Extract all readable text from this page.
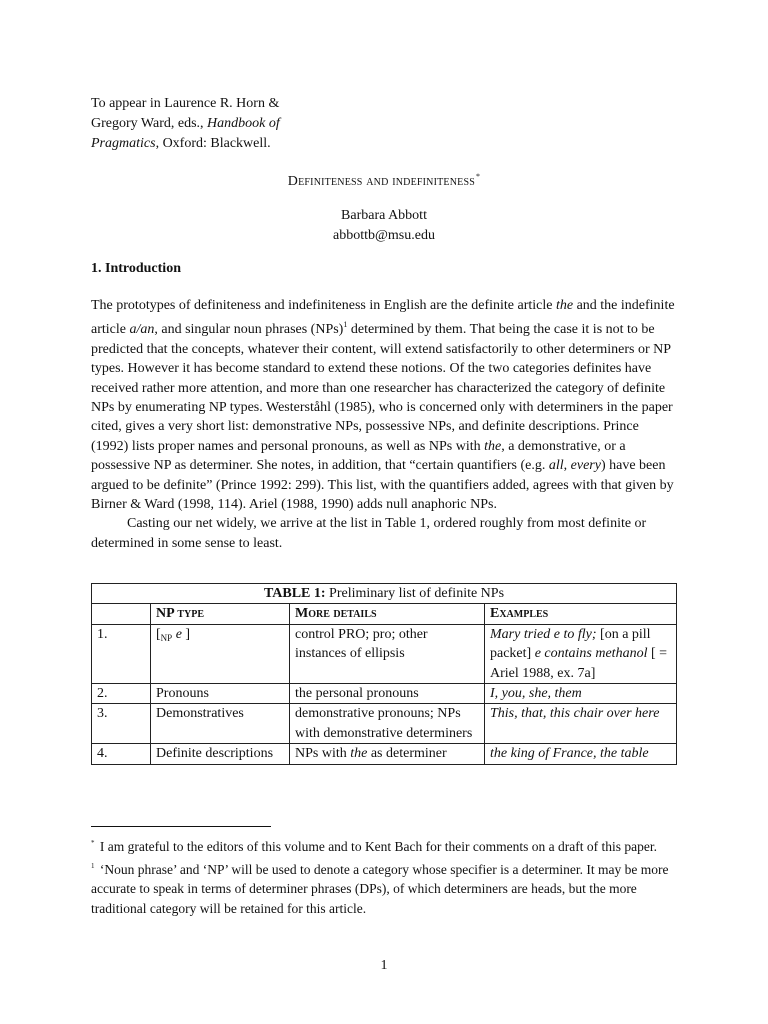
To appear in Laurence R. Horn &
Gregory Ward, eds., Handbook of
Pragmatics, Oxford: Blackwell.
Definiteness and indefiniteness*
Barbara Abbott
abbottb@msu.edu
1. Introduction

The prototypes of definiteness and indefiniteness in English are the definite article the and the indefinite article a/an, and singular noun phrases (NPs)$^1$ determined by them. That being the case it is not to be predicted that the concepts, whatever their content, will extend satisfactorily to other determiners or NP types. However it has become standard to extend these notions. Of the two categories definites have received rather more attention, and more than one researcher has characterized the category of definite NPs by enumerating NP types. Westerståhl (1985), who is concerned only with determiners in the paper cited, gives a very short list: demonstrative NPs, possessive NPs, and definite descriptions. Prince (1992) lists proper names and personal pronouns, as well as NPs with the, a demonstrative, or a possessive NP as determiner. She notes, in addition, that “certain quantifiers (e.g. all, every) have been argued to be definite” (Prince 1992: 299). This list, with the quantifiers added, agrees with that given by Birner & Ward (1998, 114). Ariel (1988, 1990) adds null anaphoric NPs.

Casting our net widely, we arrive at the list in Table 1, ordered roughly from most definite or determined in some sense to least.

TABLE 1: Preliminary list of definite NPs			
	NP type	More details	Examples
1.	[$_{NP}$ e ]	control PRO; pro; other instances of ellipsis	Mary tried e to fly; [on a pill packet] e contains methanol [ = Ariel 1988, ex. 7a]
2.	Pronouns	the personal pronouns	I, you, she, them
3.	Demonstratives	demonstrative pronouns; NPs with demonstrative determiners	This, that, this chair over here
4.	Definite descriptions	NPs with the as determiner	the king of France, the table

* I am grateful to the editors of this volume and to Kent Bach for their comments on a draft of this paper.

$^1$ ‘Noun phrase’ and ‘NP’ will be used to denote a category whose specifier is a determiner. It may be more accurate to speak in terms of determiner phrases (DPs), of which determiners are heads, but the more traditional category will be retained for this article.

1
